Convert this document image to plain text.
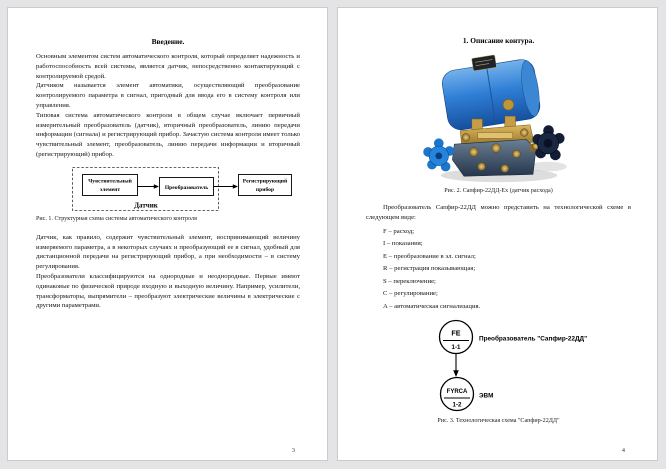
Введение.

Основным элементом систем автоматического контроля, который определяет надежность и работоспособность всей системы, является датчик, непосредственно контактирующий с контролируемой средой.

Датчиком называется элемент автоматики, осуществляющий преобразование контролируемого параметра в сигнал, пригодный для ввода его в систему контроля или управления.

Типовая система автоматического контроля в общем случае включает первичный измерительный преобразователь (датчик), вторичный преобразователь, линию передачи информации (сигнала) и регистрирующий прибор. Зачастую система контроля имеет только чувствительный элемент, преобразователь, линию передачи информации и вторичный (регистрирующий) прибор.

Чувствительный
элемент	Преобразователь
Регистрирующий
прибор
Датчик

Рис. 1. Структурная схема системы автоматического контроля

Датчик, как правило, содержит чувствительный элемент, воспринимающий величину измеряемого параметра, а в некоторых случаях и преобразующий ее в сигнал, удобный для дистанционной передачи на регистрирующий прибор, а при необходимости – в систему регулирования.

Преобразователи классифицируются на однородные и неоднородные. Первые имеют одинаковые по физической природе входную и выходную величину. Например, усилители, трансформаторы, выпрямители – преобразуют электрические величины в электрические с другими параметрами.

3
1. Описание контура.

Рис. 2. Сапфир-22ДД-Ех (датчик расхода)

Преобразователь Сапфир-22ДД можно представить на технологической схеме в следующем виде:

F – расход;

I – показания;

E – преобразование в эл. сигнал;

R – регистрация показывающая;

S – переключение;

C – регулирование;

A – автоматическая сигнализация.

FE
1-1
Преобразователь "Сапфир-22ДД"
FYRCA
1-2
ЭВМ

Рис. 3. Технологическая схема "Сапфир-22ДД"

4
